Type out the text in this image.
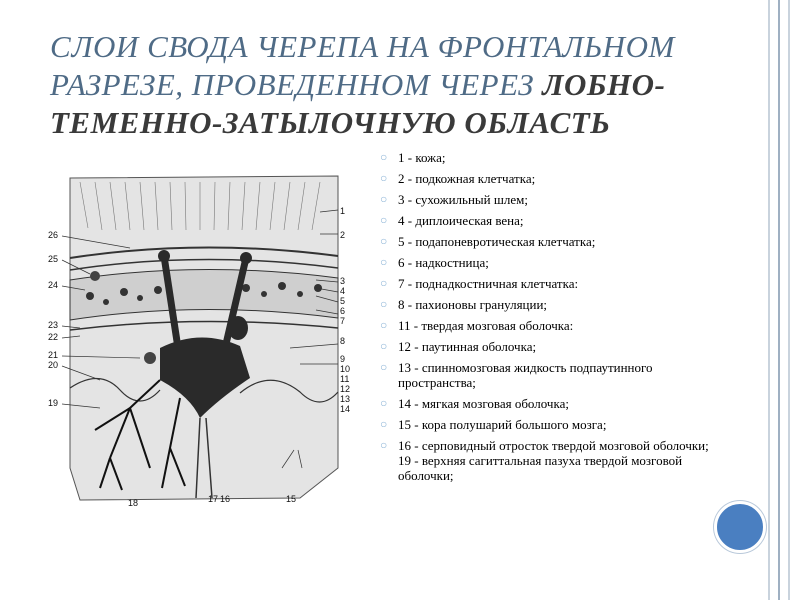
СЛОИ СВОДА ЧЕРЕПА НА ФРОНТАЛЬНОМ РАЗРЕЗЕ, ПРОВЕДЕННОМ ЧЕРЕЗ ЛОБНО-ТЕМЕННО-ЗАТЫЛОЧНУЮ ОБЛАСТЬ
26
25
24
23
22
21
20
19
1
2
3
4
5
6
7
8
9
10
11
12
13
14
18	17 16	15
○ 1 - кожа;
○ 2 - подкожная клетчатка;
○ 3 - сухожильный шлем;
○ 4 - диплоическая вена;
○ 5 - подапоневротическая клетчатка;
○ 6 - надкостница;
○ 7 - поднадкостничная клетчатка:
○ 8 - пахионовы грануляции;
○ 11 - твердая мозговая оболочка:
○ 12 - паутинная оболочка;
○ 13 - спинномозговая жидкость подпаутинного пространства;
○ 14 - мягкая мозговая оболочка;
○ 15 - кора полушарий большого мозга;
○ 16 - серповидный отросток твердой мозговой оболочки; 19 - верхняя сагиттальная пазуха твердой мозговой оболочки;
